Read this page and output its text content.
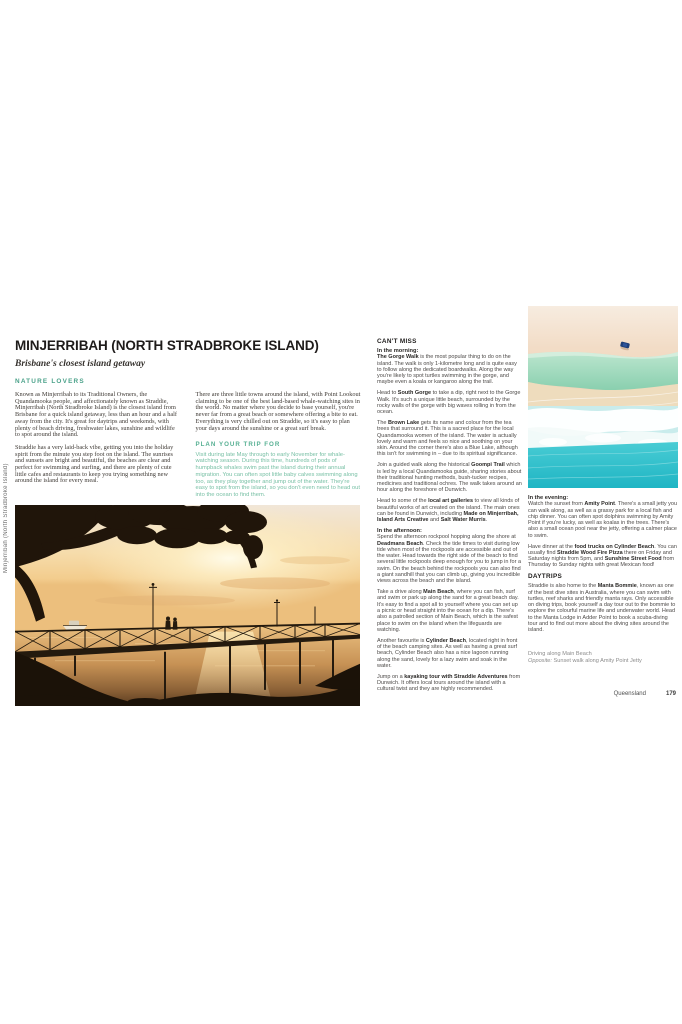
Minjerribah (North Stradbroke Island)
MINJERRIBAH (NORTH STRADBROKE ISLAND)
Brisbane's closest island getaway
NATURE LOVERS

Known as Minjerribah to its Traditional Owners, the Quandamooka people, and affectionately known as Straddie, Minjerribah (North Stradbroke Island) is the closest island from Brisbane for a quick island getaway, less than an hour and a half away from the city. It's great for daytrips and weekends, with plenty of beach driving, freshwater lakes, sunshine and wildlife to spot around the island.

Straddie has a very laid-back vibe, getting you into the holiday spirit from the minute you step foot on the island. The sunrises and sunsets are bright and beautiful, the beaches are clear and perfect for swimming and surfing, and there are plenty of cute little cafes and restaurants to keep you trying something new around the island for every meal.

There are three little towns around the island, with Point Lookout claiming to be one of the best land-based whale-watching sites in the world. No matter where you decide to base yourself, you're never far from a great beach or somewhere offering a bite to eat. Everything is very chilled out on Straddie, so it's easy to plan your days around the sunshine or a great surf break.

PLAN YOUR TRIP FOR

Visit during late May through to early November for whale-watching season. During this time, hundreds of pods of humpback whales swim past the island during their annual migration. You can often spot little baby calves swimming along too, as they play together and jump out of the water. They're easy to spot from the island, so you don't even need to head out into the ocean to find them.

CAN'T MISS
In the morning:

The Gorge Walk is the most popular thing to do on the island. The walk is only 1-kilometre long and is quite easy to follow along the dedicated boardwalks. Along the way you're likely to spot turtles swimming in the gorge, and maybe even a koala or kangaroo along the trail.

Head to South Gorge to take a dip, right next to the Gorge Walk. It's such a unique little beach, surrounded by the rocky walls of the gorge with big waves rolling in from the ocean.

The Brown Lake gets its name and colour from the tea trees that surround it. This is a sacred place for the local Quandamooka women of the island. The water is actually lovely and warm and feels so nice and soothing on your skin. Around the corner there's also a Blue Lake, although this isn't for swimming in – due to its spiritual significance.

Join a guided walk along the historical Goompi Trail which is led by a local Quandamooka guide, sharing stories about their traditional hunting methods, bush-tucker recipes, medicines and traditional ochres. The walk takes around an hour along the foreshore of Dunwich.

Head to some of the local art galleries to view all kinds of beautiful works of art created on the island. The main ones can be found in Dunwich, including Made on Minjerribah, Island Arts Creative and Salt Water Murris.

In the afternoon:

Spend the afternoon rockpool hopping along the shore at Deadmans Beach. Check the tide times to visit during low tide when most of the rockpools are accessible and out of the water. Head towards the right side of the beach to find several little rockpools deep enough for you to jump in for a swim. On the beach behind the rockpools you can also find a giant sandhill that you can climb up, giving you incredible views across the beach and the island.

Take a drive along Main Beach, where you can fish, surf and swim or park up along the sand for a great beach day. It's easy to find a spot all to yourself where you can set up a picnic or head straight into the ocean for a dip. There's also a patrolled section of Main Beach, which is the safest place to swim on the island when the lifeguards are watching.

Another favourite is Cylinder Beach, located right in front of the beach camping sites. As well as having a great surf beach, Cylinder Beach also has a nice lagoon running along the sand, lovely for a lazy swim and soak in the water.

Jump on a kayaking tour with Straddie Adventures from Dunwich. It offers local tours around the island with a cultural twist and they are highly recommended.

In the evening:

Watch the sunset from Amity Point. There's a small jetty you can walk along, as well as a grassy park for a local fish and chip dinner. You can often spot dolphins swimming by Amity Point if you're lucky, as well as koalas in the trees. There's also a small ocean pool near the jetty, offering a calmer place to swim.

Have dinner at the food trucks on Cylinder Beach. You can usually find Straddie Wood Fire Pizza there on Friday and Saturday nights from 5pm, and Sunshine Street Food from Thursday to Sunday nights with great Mexican food!

DAYTRIPS

Straddie is also home to the Manta Bommie, known as one of the best dive sites in Australia, where you can swim with turtles, reef sharks and friendly manta rays. Only accessible on diving trips, book yourself a day tour out to the bommie to explore the colourful marine life and underwater world. Head to the Manta Lodge in Adder Point to book a scuba-diving tour and to find out more about the diving sites around the island.

Driving along Main Beach

Opposite: Sunset walk along Amity Point Jetty

Queensland	179
